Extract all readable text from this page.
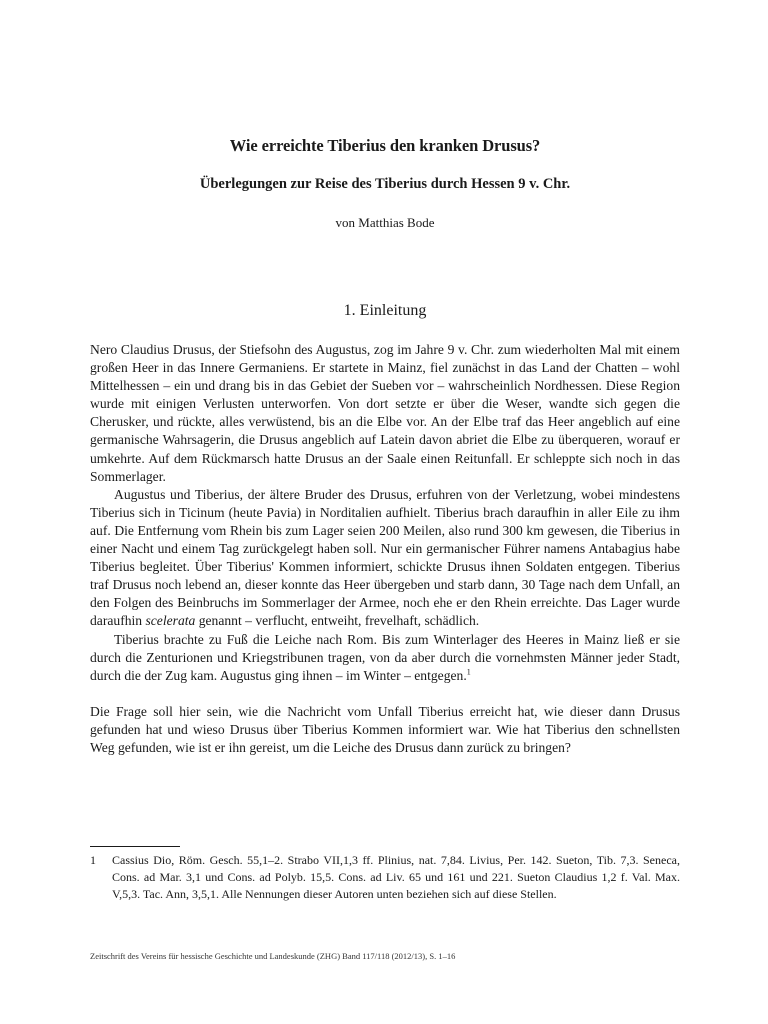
Wie erreichte Tiberius den kranken Drusus?
Überlegungen zur Reise des Tiberius durch Hessen 9 v. Chr.
von Matthias Bode
1. Einleitung

Nero Claudius Drusus, der Stiefsohn des Augustus, zog im Jahre 9 v. Chr. zum wiederholten Mal mit einem großen Heer in das Innere Germaniens. Er startete in Mainz, fiel zunächst in das Land der Chatten – wohl Mittelhessen – ein und drang bis in das Gebiet der Sueben vor – wahrscheinlich Nordhessen. Diese Region wurde mit einigen Verlusten unterworfen. Von dort setzte er über die Weser, wandte sich gegen die Cherusker, und rückte, alles verwüstend, bis an die Elbe vor. An der Elbe traf das Heer angeblich auf eine germanische Wahrsagerin, die Drusus angeblich auf Latein davon abriet die Elbe zu überqueren, worauf er umkehrte. Auf dem Rückmarsch hatte Drusus an der Saale einen Reitunfall. Er schleppte sich noch in das Sommerlager.

Augustus und Tiberius, der ältere Bruder des Drusus, erfuhren von der Verletzung, wobei mindestens Tiberius sich in Ticinum (heute Pavia) in Norditalien aufhielt. Tiberius brach daraufhin in aller Eile zu ihm auf. Die Entfernung vom Rhein bis zum Lager seien 200 Meilen, also rund 300 km gewesen, die Tiberius in einer Nacht und einem Tag zurückgelegt haben soll. Nur ein germanischer Führer namens Antabagius habe Tiberius begleitet. Über Tiberius' Kommen informiert, schickte Drusus ihnen Soldaten entgegen. Tiberius traf Drusus noch lebend an, dieser konnte das Heer übergeben und starb dann, 30 Tage nach dem Unfall, an den Folgen des Beinbruchs im Sommerlager der Armee, noch ehe er den Rhein erreichte. Das Lager wurde daraufhin scelerata genannt – verflucht, entweiht, frevelhaft, schädlich.

Tiberius brachte zu Fuß die Leiche nach Rom. Bis zum Winterlager des Heeres in Mainz ließ er sie durch die Zenturionen und Kriegstribunen tragen, von da aber durch die vornehmsten Männer jeder Stadt, durch die der Zug kam. Augustus ging ihnen – im Winter – entgegen.$^1$

Die Frage soll hier sein, wie die Nachricht vom Unfall Tiberius erreicht hat, wie dieser dann Drusus gefunden hat und wieso Drusus über Tiberius Kommen informiert war. Wie hat Tiberius den schnellsten Weg gefunden, wie ist er ihn gereist, um die Leiche des Drusus dann zurück zu bringen?

1	Cassius Dio, Röm. Gesch. 55,1–2. Strabo VII,1,3 ff. Plinius, nat. 7,84. Livius, Per. 142. Sueton, Tib. 7,3. Seneca, Cons. ad Mar. 3,1 und Cons. ad Polyb. 15,5. Cons. ad Liv. 65 und 161 und 221. Sueton Claudius 1,2 f. Val. Max. V,5,3. Tac. Ann, 3,5,1. Alle Nennungen dieser Autoren unten beziehen sich auf diese Stellen.
Zeitschrift des Vereins für hessische Geschichte und Landeskunde (ZHG) Band 117/118 (2012/13), S. 1–16
